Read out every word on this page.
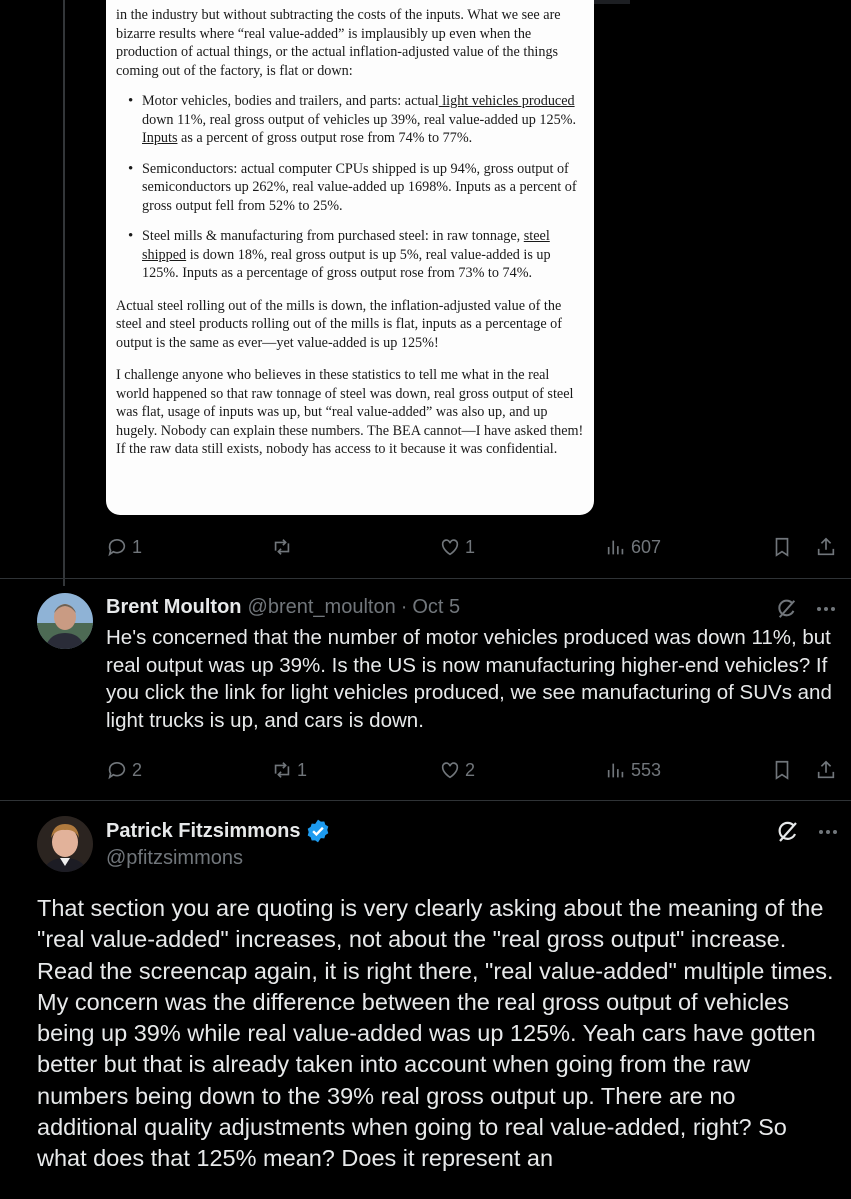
in the industry but without subtracting the costs of the inputs. What we see are bizarre results where “real value-added” is implausibly up even when the production of actual things, or the actual inflation-adjusted value of the things coming out of the factory, is flat or down:

• Motor vehicles, bodies and trailers, and parts: actual light vehicles produced down 11%, real gross output of vehicles up 39%, real value-added up 125%. Inputs as a percent of gross output rose from 74% to 77%.
• Semiconductors: actual computer CPUs shipped is up 94%, gross output of semiconductors up 262%, real value-added up 1698%. Inputs as a percent of gross output fell from 52% to 25%.
• Steel mills & manufacturing from purchased steel: in raw tonnage, steel shipped is down 18%, real gross output is up 5%, real value-added is up 125%. Inputs as a percentage of gross output rose from 73% to 74%.

Actual steel rolling out of the mills is down, the inflation-adjusted value of the steel and steel products rolling out of the mills is flat, inputs as a percentage of output is the same as ever—yet value-added is up 125%!

I challenge anyone who believes in these statistics to tell me what in the real world happened so that raw tonnage of steel was down, real gross output of steel was flat, usage of inputs was up, but “real value-added” was also up, and up hugely. Nobody can explain these numbers. The BEA cannot—I have asked them! If the raw data still exists, nobody has access to it because it was confidential.

1	1	607
Brent Moulton @brent_moulton · Oct 5
He's concerned that the number of motor vehicles produced was down 11%, but real output was up 39%. Is the US is now manufacturing higher-end vehicles? If you click the link for light vehicles produced, we see manufacturing of SUVs and light trucks is up, and cars is down.
2	1	2	553
Patrick Fitzsimmons
@pfitzsimmons
That section you are quoting is very clearly asking about the meaning of the "real value-added" increases, not about the "real gross output" increase. Read the screencap again, it is right there, "real value-added" multiple times. My concern was the difference between the real gross output of vehicles being up 39% while real value-added was up 125%. Yeah cars have gotten better but that is already taken into account when going from the raw numbers being down to the 39% real gross output up. There are no additional quality adjustments when going to real value-added, right? So what does that 125% mean? Does it represent an
